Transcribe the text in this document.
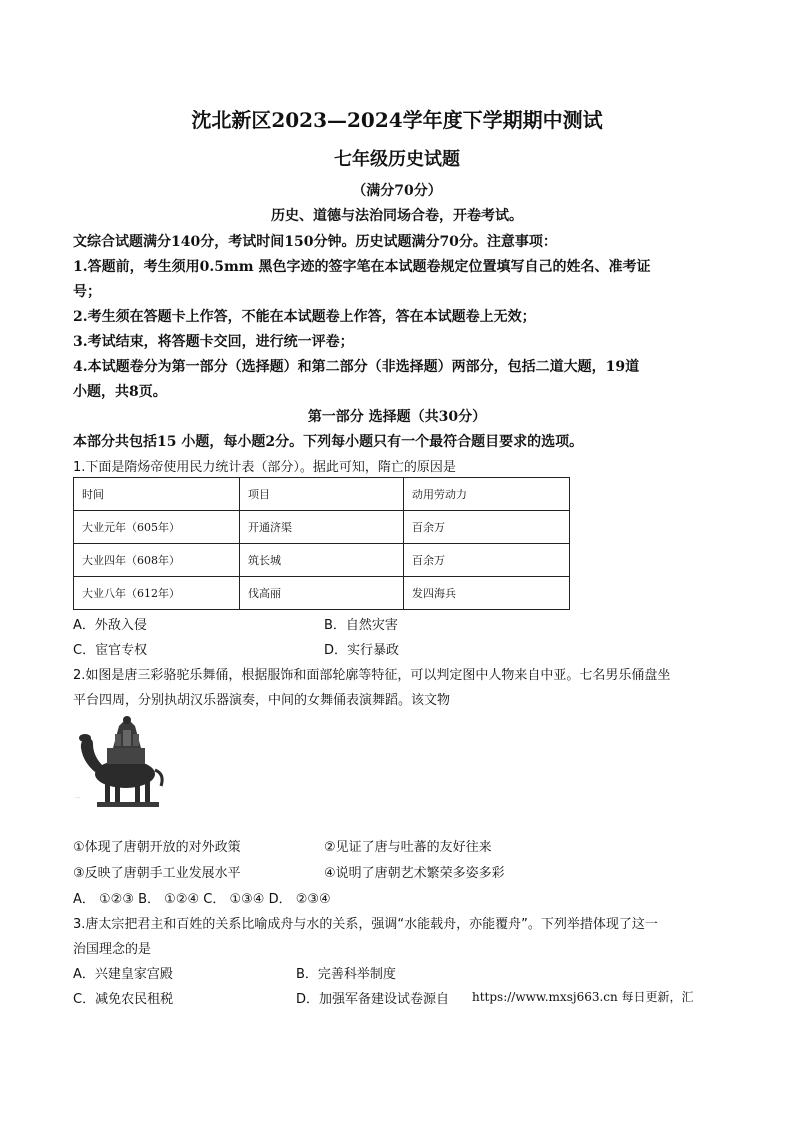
沈北新区2023—2024学年度下学期期中测试
七年级历史试题
（满分70分）
历史、道德与法治同场合卷，开卷考试。
文综合试题满分140分，考试时间150分钟。历史试题满分70分。注意事项：
1.答题前，考生须用0.5mm 黑色字迹的签字笔在本试题卷规定位置填写自己的姓名、准考证
号；
2.考生须在答题卡上作答，不能在本试题卷上作答，答在本试题卷上无效；
3.考试结束，将答题卡交回，进行统一评卷；
4.本试题卷分为第一部分（选择题）和第二部分（非选择题）两部分，包括二道大题，19道
小题，共8页。
第一部分 选择题（共30分）
本部分共包括15 小题，每小题2分。下列每小题只有一个最符合题目要求的选项。
1.下面是隋炀帝使用民力统计表（部分）。据此可知，隋亡的原因是
时间	项目	动用劳动力
大业元年（605年）	开通济渠	百余万
大业四年（608年）	筑长城	百余万
大业八年（612年）	伐高丽	发四海兵
A．外敌入侵	B．自然灾害
C．宦官专权	D．实行暴政
2.如图是唐三彩骆驼乐舞俑，根据服饰和面部轮廓等特征，可以判定图中人物来自中亚。七名男乐俑盘坐
平台四周，分别执胡汉乐器演奏，中间的女舞俑表演舞蹈。该文物
···
①体现了唐朝开放的对外政策	②见证了唐与吐蕃的友好往来
③反映了唐朝手工业发展水平	④说明了唐朝艺术繁荣多姿多彩
A． ①②③ B． ①②④ C． ①③④ D． ②③④
3.唐太宗把君主和百姓的关系比喻成舟与水的关系，强调“水能载舟，亦能覆舟”。下列举措体现了这一
治国理念的是
A．兴建皇家宫殿	B．完善科举制度
C．减免农民租税	D．加强军备建设试卷源自 https://www.mxsj663.cn 每日更新，汇
